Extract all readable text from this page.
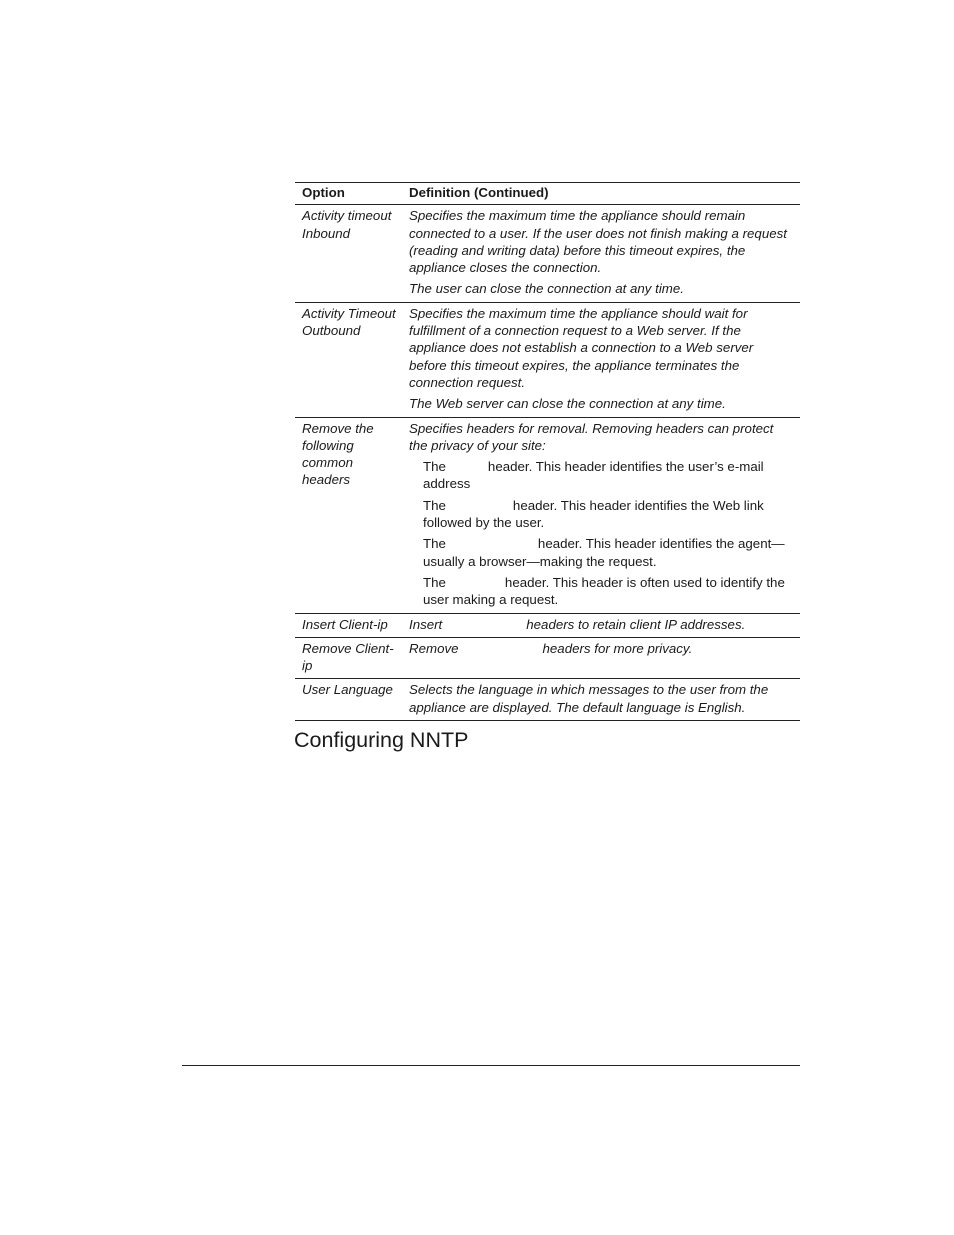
Option	Definition (Continued)
Activity timeout Inbound	Specifies the maximum time the appliance should remain connected to a user. If the user does not finish making a request (reading and writing data) before this timeout expires, the appliance closes the connection.

The user can close the connection at any time.

Activity Timeout Outbound	Specifies the maximum time the appliance should wait for fulfillment of a connection request to a Web server. If the appliance does not establish a connection to a Web server before this timeout expires, the appliance terminates the connection request.

The Web server can close the connection at any time.

Remove the following common headers	Specifies headers for removal. Removing headers can protect the privacy of your site:

The header. This header identifies the user’s e-mail address
The header. This header identifies the Web link followed by the user.
The header. This header identifies the agent—usually a browser—making the request.
The header. This header is often used to identify the user making a request.

Insert Client-ip	Insert headers to retain client IP addresses.
Remove Client-ip	Remove headers for more privacy.
User Language	Selects the language in which messages to the user from the appliance are displayed. The default language is English.

Configuring NNTP
